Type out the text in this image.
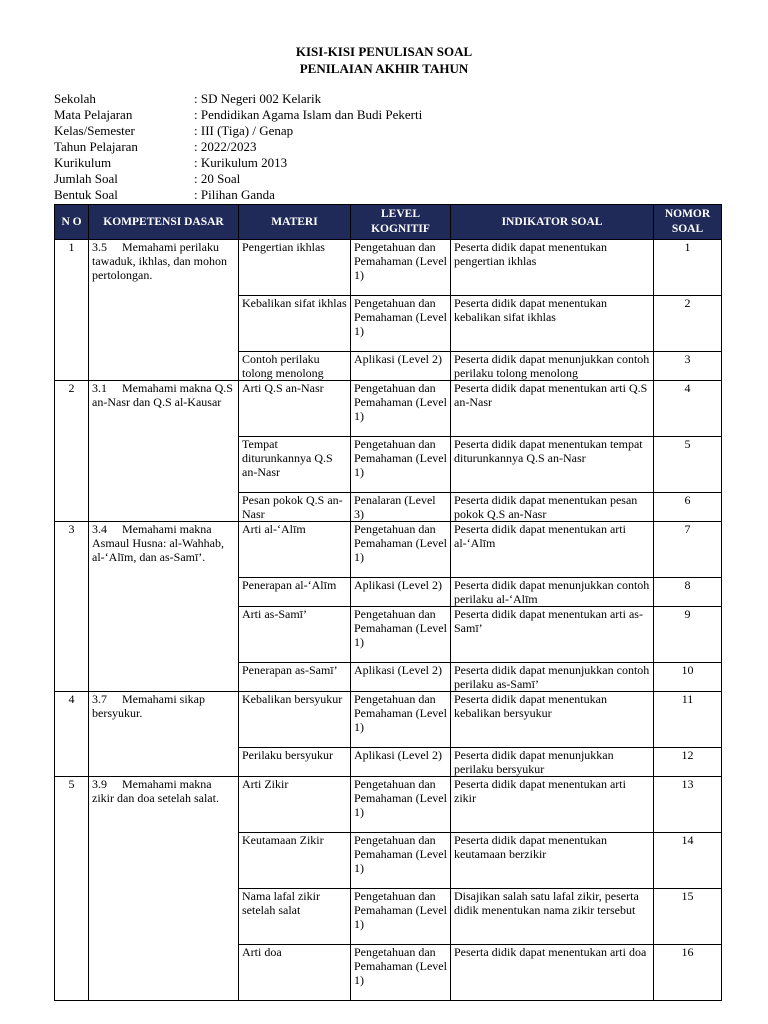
KISI-KISI PENULISAN SOAL
PENILAIAN AKHIR TAHUN
Sekolah	: SD Negeri 002 Kelarik
Mata Pelajaran	: Pendidikan Agama Islam dan Budi Pekerti
Kelas/Semester	: III (Tiga) / Genap
Tahun Pelajaran	: 2022/2023
Kurikulum	: Kurikulum 2013
Jumlah Soal	: 20 Soal
Bentuk Soal	: Pilihan Ganda
N O	KOMPETENSI DASAR	MATERI	LEVEL KOGNITIF	INDIKATOR SOAL	NOMOR SOAL
1	3.5 Memahami perilaku tawaduk, ikhlas, dan mohon pertolongan.	Pengertian ikhlas	Pengetahuan dan Pemahaman (Level 1)	Peserta didik dapat menentukan pengertian ikhlas	1
		Kebalikan sifat ikhlas	Pengetahuan dan Pemahaman (Level 1)	Peserta didik dapat menentukan kebalikan sifat ikhlas	2
		Contoh perilaku tolong menolong	Aplikasi (Level 2)	Peserta didik dapat menunjukkan contoh perilaku tolong menolong	3
2	3.1 Memahami makna Q.S an-Nasr dan Q.S al-Kausar	Arti Q.S an-Nasr	Pengetahuan dan Pemahaman (Level 1)	Peserta didik dapat menentukan arti Q.S an-Nasr	4
		Tempat diturunkannya Q.S an-Nasr	Pengetahuan dan Pemahaman (Level 1)	Peserta didik dapat menentukan tempat diturunkannya Q.S an-Nasr	5
		Pesan pokok Q.S an-Nasr	Penalaran (Level 3)	Peserta didik dapat menentukan pesan pokok Q.S an-Nasr	6
3	3.4 Memahami makna Asmaul Husna: al-Wahhab, al-‘Alīm, dan as-Samī’.	Arti al-‘Alīm	Pengetahuan dan Pemahaman (Level 1)	Peserta didik dapat menentukan arti al-‘Alīm	7
		Penerapan al-‘Alīm	Aplikasi (Level 2)	Peserta didik dapat menunjukkan contoh perilaku al-‘Alīm	8
		Arti as-Samī’	Pengetahuan dan Pemahaman (Level 1)	Peserta didik dapat menentukan arti as-Samī’	9
		Penerapan as-Samī’	Aplikasi (Level 2)	Peserta didik dapat menunjukkan contoh perilaku as-Samī’	10
4	3.7 Memahami sikap bersyukur.	Kebalikan bersyukur	Pengetahuan dan Pemahaman (Level 1)	Peserta didik dapat menentukan kebalikan bersyukur	11
		Perilaku bersyukur	Aplikasi (Level 2)	Peserta didik dapat menunjukkan perilaku bersyukur	12
5	3.9 Memahami makna zikir dan doa setelah salat.	Arti Zikir	Pengetahuan dan Pemahaman (Level 1)	Peserta didik dapat menentukan arti zikir	13
		Keutamaan Zikir	Pengetahuan dan Pemahaman (Level 1)	Peserta didik dapat menentukan keutamaan berzikir	14
		Nama lafal zikir setelah salat	Pengetahuan dan Pemahaman (Level 1)	Disajikan salah satu lafal zikir, peserta didik menentukan nama zikir tersebut	15
		Arti doa	Pengetahuan dan Pemahaman (Level 1)	Peserta didik dapat menentukan arti doa	16
